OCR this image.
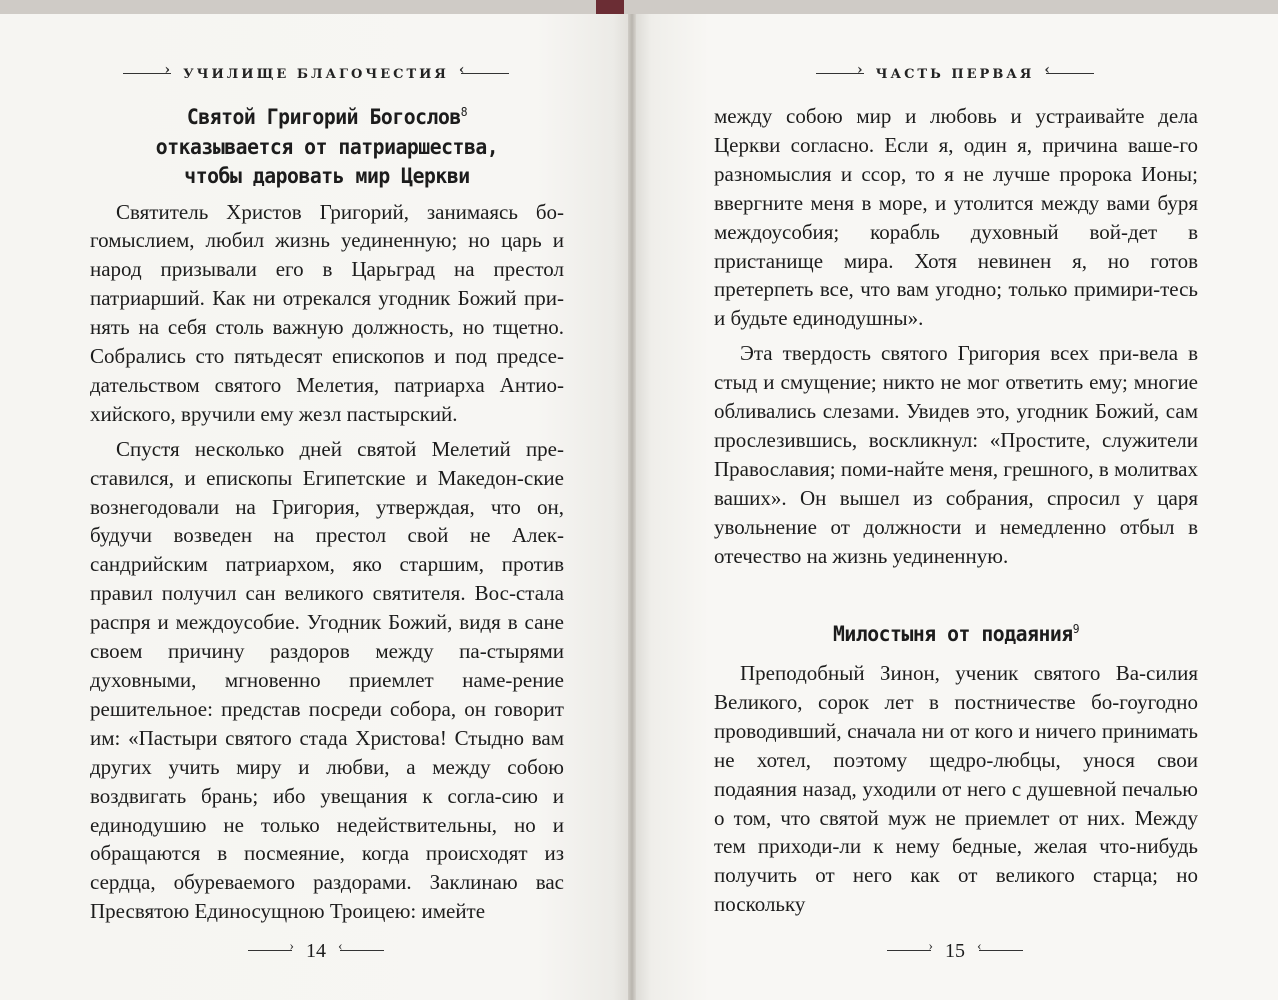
›
УЧИЛИЩЕ БЛАГОЧЕСТИЯ
‹
Святой Григорий Богослов$^8$
отказывается от патриаршества,
чтобы даровать мир Церкви

Святитель Христов Григорий, занимаясь бо-гомыслием, любил жизнь уединенную; но царь и народ призывали его в Царьград на престол патриарший. Как ни отрекался угодник Божий при-нять на себя столь важную должность, но тщетно. Собрались сто пятьдесят епископов и под предсе-дательством святого Мелетия, патриарха Антио-хийского, вручили ему жезл пастырский.

Спустя несколько дней святой Мелетий пре-ставился, и епископы Египетские и Македон-ские вознегодовали на Григория, утверждая, что он, будучи возведен на престол свой не Алек-сандрийским патриархом, яко старшим, против правил получил сан великого святителя. Вос-стала распря и междоусобие. Угодник Божий, видя в сане своем причину раздоров между па-стырями духовными, мгновенно приемлет наме-рение решительное: представ посреди собора, он говорит им: «Пастыри святого стада Христова! Стыдно вам других учить миру и любви, а между собою воздвигать брань; ибо увещания к согла-сию и единодушию не только недействительны, но и обращаются в посмеяние, когда происходят из сердца, обуреваемого раздорами. Заклинаю вас Пресвятою Единосущною Троицею: имейте

›
14
‹
›
ЧАСТЬ ПЕРВАЯ
‹

между собою мир и любовь и устраивайте дела Церкви согласно. Если я, один я, причина ваше-го разномыслия и ссор, то я не лучше пророка Ионы; ввергните меня в море, и утолится между вами буря междоусобия; корабль духовный вой-дет в пристанище мира. Хотя невинен я, но готов претерпеть все, что вам угодно; только примири-тесь и будьте единодушны».

Эта твердость святого Григория всех при-вела в стыд и смущение; никто не мог ответить ему; многие обливались слезами. Увидев это, угодник Божий, сам прослезившись, воскликнул: «Простите, служители Православия; поми-найте меня, грешного, в молитвах ваших». Он вышел из собрания, спросил у царя увольнение от должности и немедленно отбыл в отечество на жизнь уединенную.

Милостыня от подаяния$^9$

Преподобный Зинон, ученик святого Ва-силия Великого, сорок лет в постничестве бо-гоугодно проводивший, сначала ни от кого и ничего принимать не хотел, поэтому щедро-любцы, унося свои подаяния назад, уходили от него с душевной печалью о том, что святой муж не приемлет от них. Между тем приходи-ли к нему бедные, желая что-нибудь получить от него как от великого старца; но поскольку

›
15
‹
